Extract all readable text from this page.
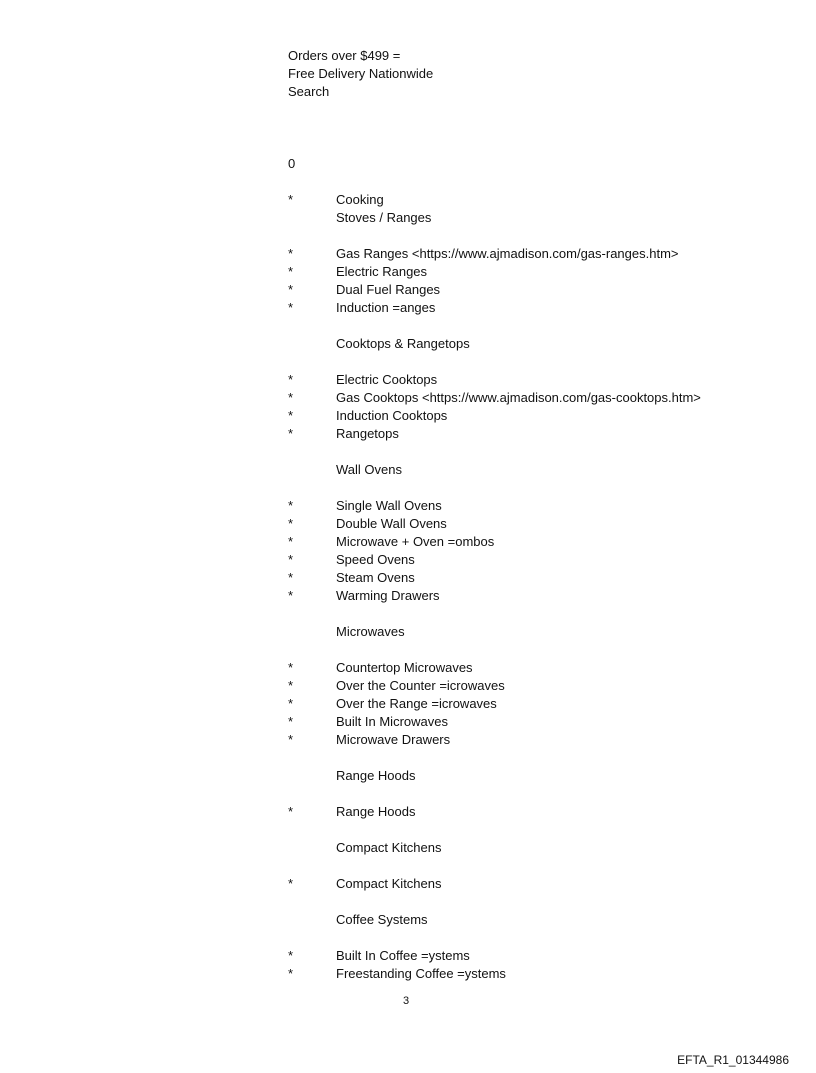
Orders over $499 =
Free Delivery Nationwide
Search
0
*	Cooking
Stoves / Ranges
*	Gas Ranges <https://www.ajmadison.com/gas-ranges.htm>
*	Electric Ranges
*	Dual Fuel Ranges
*	Induction =anges
Cooktops & Rangetops
*	Electric Cooktops
*	Gas Cooktops <https://www.ajmadison.com/gas-cooktops.htm>
*	Induction Cooktops
*	Rangetops
Wall Ovens
*	Single Wall Ovens
*	Double Wall Ovens
*	Microwave + Oven =ombos
*	Speed Ovens
*	Steam Ovens
*	Warming Drawers
Microwaves
*	Countertop Microwaves
*	Over the Counter =icrowaves
*	Over the Range =icrowaves
*	Built In Microwaves
*	Microwave Drawers
Range Hoods
*	Range Hoods
Compact Kitchens
*	Compact Kitchens
Coffee Systems
*	Built In Coffee =ystems
*	Freestanding Coffee =ystems
3
EFTA_R1_01344986
